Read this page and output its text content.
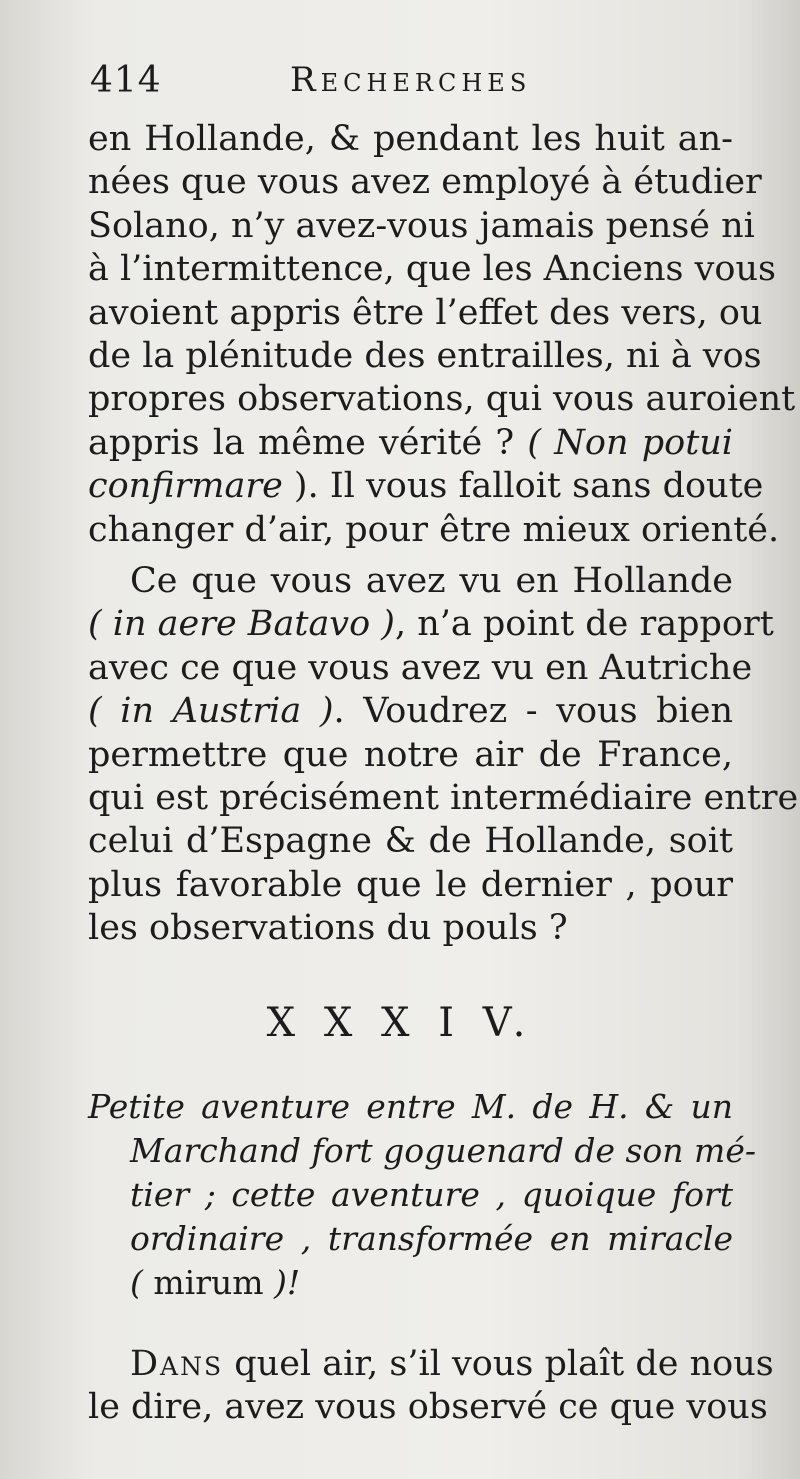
414	Recherches
en Hollande, & pendant les huit an-
nées que vous avez employé à étudier
Solano, n’y avez-vous jamais pensé ni
à l’intermittence, que les Anciens vous
avoient appris être l’effet des vers, ou
de la plénitude des entrailles, ni à vos
propres observations, qui vous auroient
appris la même vérité ? ( Non potui
confirmare ). Il vous falloit sans doute
changer d’air, pour être mieux orienté.
Ce que vous avez vu en Hollande
( in aere Batavo ), n’a point de rapport
avec ce que vous avez vu en Autriche
( in Austria ). Voudrez - vous bien
permettre que notre air de France,
qui est précisément intermédiaire entre
celui d’Espagne & de Hollande, soit
plus favorable que le dernier , pour
les observations du pouls ?
X X X I V.
Petite aventure entre M. de H. & un
Marchand fort goguenard de son mé-
tier ; cette aventure , quoique fort
ordinaire , transformée en miracle
( mirum )!
Dans quel air, s’il vous plaît de nous
le dire, avez vous observé ce que vous
